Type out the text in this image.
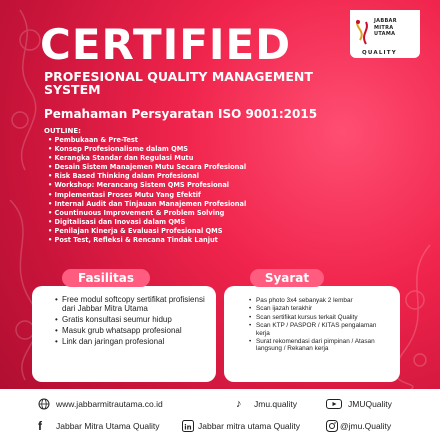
JABBAR
MITRA
UTAMA
QUALITY
CERTIFIED
PROFESIONAL QUALITY MANAGEMENT SYSTEM
Pemahaman Persyaratan ISO 9001:2015
OUTLINE:
• Pembukaan & Pre-Test
• Konsep Profesionalisme dalam QMS
• Kerangka Standar dan Regulasi Mutu
• Desain Sistem Manajemen Mutu Secara Profesional
• Risk Based Thinking dalam Profesional
• Workshop: Merancang Sistem QMS Profesional
• Implementasi Proses Mutu Yang Efektif
• Internal Audit dan Tinjauan Manajemen Profesional
• Countinuous Improvement & Problem Solving
• Digitalisasi dan Inovasi dalam QMS
• Penilajan Kinerja & Evaluasi Profesional QMS
• Post Test, Refleksi & Rencana Tindak Lanjut
• Free modul softcopy sertifikat profisiensi dari Jabbar Mitra Utama
• Gratis konsultasi seumur hidup
• Masuk grub whatsapp profesional
• Link dan jaringan profesional
Fasilitas
• Pas photo 3x4 sebanyak 2 lembar
• Scan ijazah terakhir
• Scan sertifikat kursus terkait Quality
• Scan KTP / PASPOR / KITAS pengalaman kerja
• Surat rekomendasi dari pimpinan / Atasan langsung / Rekanan kerja
Syarat
www.jabbarmitrautama.co.id	♪	Jmu.quality	JMUQuality
f	Jabbar Mitra Utama Quality	in Jabbar mitra utama Quality	@jmu.Quality
